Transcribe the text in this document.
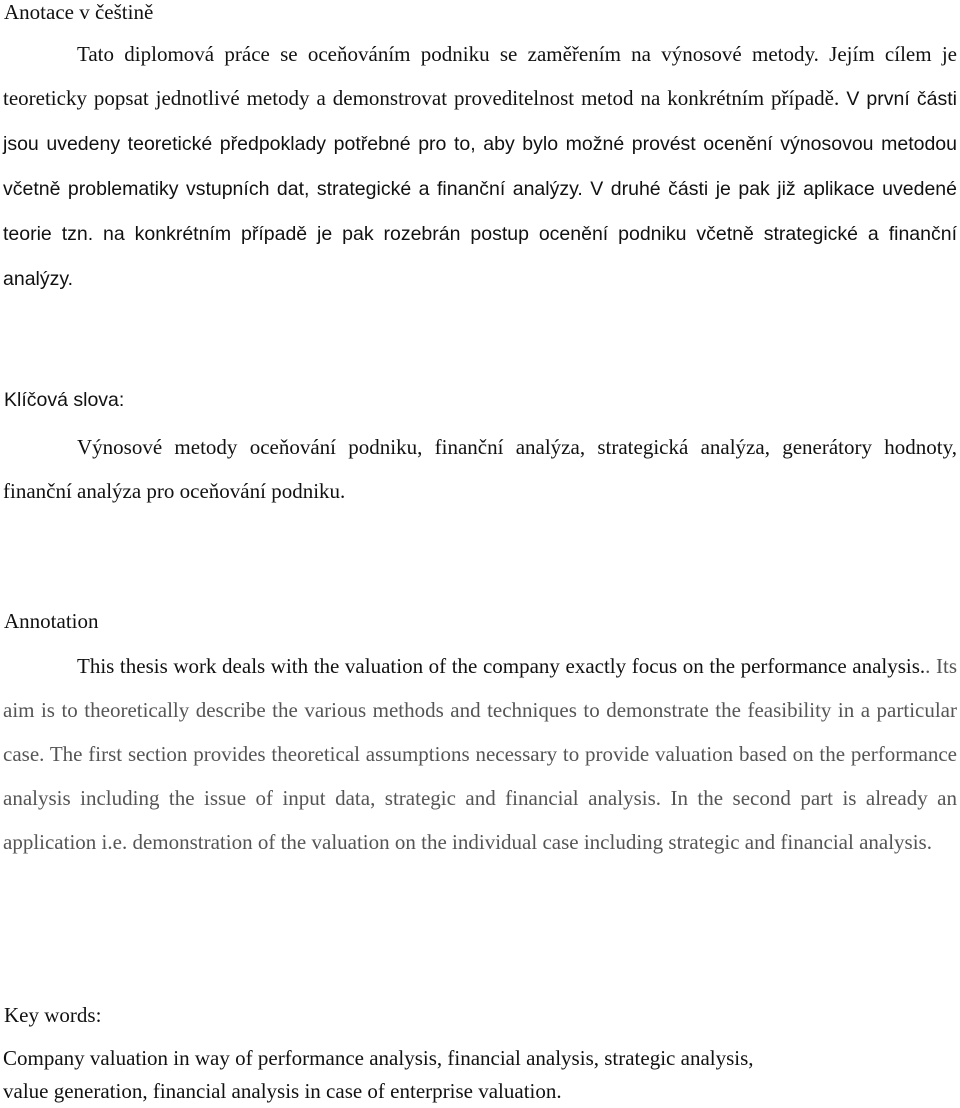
Anotace v češtině

Tato diplomová práce se oceňováním podniku se zaměřením na výnosové metody. Jejím cílem je teoreticky popsat jednotlivé metody a demonstrovat proveditelnost metod na konkrétním případě. V první části jsou uvedeny teoretické předpoklady potřebné pro to, aby bylo možné provést ocenění výnosovou metodou včetně problematiky vstupních dat, strategické a finanční analýzy. V druhé části je pak již aplikace uvedené teorie tzn. na konkrétním případě je pak rozebrán postup ocenění podniku včetně strategické a finanční analýzy.

Klíčová slova:

Výnosové metody oceňování podniku, finanční analýza, strategická analýza, generátory hodnoty, finanční analýza pro oceňování podniku.

Annotation

This thesis work deals with the valuation of the company exactly focus on the performance analysis.. Its aim is to theoretically describe the various methods and techniques to demonstrate the feasibility in a particular case. The first section provides theoretical assumptions necessary to provide valuation based on the performance analysis including the issue of input data, strategic and financial analysis. In the second part is already an application i.e. demonstration of the valuation on the individual case including strategic and financial analysis.

Key words:

Company valuation in way of performance analysis, financial analysis, strategic analysis,
value generation, financial analysis in case of enterprise valuation.
